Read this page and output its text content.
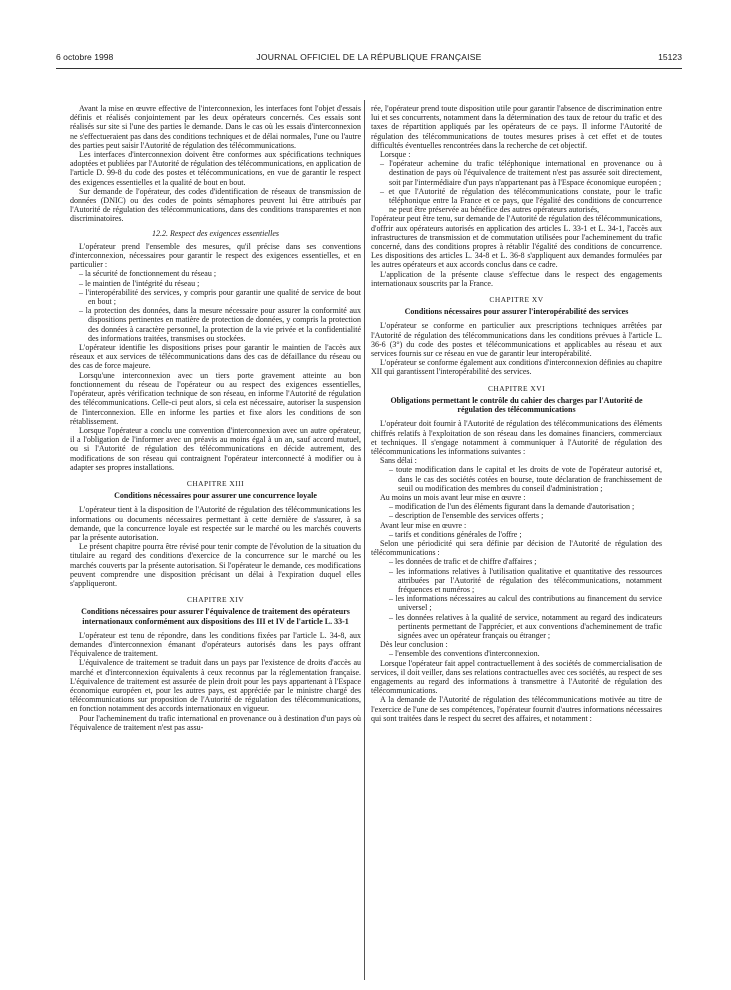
6 octobre 1998	JOURNAL OFFICIEL DE LA RÉPUBLIQUE FRANÇAISE	15123

Avant la mise en œuvre effective de l'interconnexion, les interfaces font l'objet d'essais définis et réalisés conjointement par les deux opérateurs concernés. Ces essais sont réalisés sur site si l'une des parties le demande. Dans le cas où les essais d'interconnexion ne s'effectueraient pas dans des conditions techniques et de délai normales, l'une ou l'autre des parties peut saisir l'Autorité de régulation des télécommunications.

Les interfaces d'interconnexion doivent être conformes aux spécifications techniques adoptées et publiées par l'Autorité de régulation des télécommunications, en application de l'article D. 99-8 du code des postes et télécommunications, en vue de garantir le respect des exigences essentielles et la qualité de bout en bout.

Sur demande de l'opérateur, des codes d'identification de réseaux de transmission de données (DNIC) ou des codes de points sémaphores peuvent lui être attribués par l'Autorité de régulation des télécommunications, dans des conditions transparentes et non discriminatoires.

12.2. Respect des exigences essentielles

L'opérateur prend l'ensemble des mesures, qu'il précise dans ses conventions d'interconnexion, nécessaires pour garantir le respect des exigences essentielles, et en particulier :

– la sécurité de fonctionnement du réseau ;

– le maintien de l'intégrité du réseau ;

– l'interopérabilité des services, y compris pour garantir une qualité de service de bout en bout ;

– la protection des données, dans la mesure nécessaire pour assurer la conformité aux dispositions pertinentes en matière de protection de données, y compris la protection des données à caractère personnel, la protection de la vie privée et la confidentialité des informations traitées, transmises ou stockées.

L'opérateur identifie les dispositions prises pour garantir le maintien de l'accès aux réseaux et aux services de télécommunications dans des cas de défaillance du réseau ou des cas de force majeure.

Lorsqu'une interconnexion avec un tiers porte gravement atteinte au bon fonctionnement du réseau de l'opérateur ou au respect des exigences essentielles, l'opérateur, après vérification technique de son réseau, en informe l'Autorité de régulation des télécommunications. Celle-ci peut alors, si cela est nécessaire, autoriser la suspension de l'interconnexion. Elle en informe les parties et fixe alors les conditions de son rétablissement.

Lorsque l'opérateur a conclu une convention d'interconnexion avec un autre opérateur, il a l'obligation de l'informer avec un préavis au moins égal à un an, sauf accord mutuel, ou si l'Autorité de régulation des télécommunications en décide autrement, des modifications de son réseau qui contraignent l'opérateur interconnecté à modifier ou à adapter ses propres installations.

CHAPITRE XIII

Conditions nécessaires pour assurer une concurrence loyale

L'opérateur tient à la disposition de l'Autorité de régulation des télécommunications les informations ou documents nécessaires permettant à cette dernière de s'assurer, à sa demande, que la concurrence loyale est respectée sur le marché ou les marchés couverts par la présente autorisation.

Le présent chapitre pourra être révisé pour tenir compte de l'évolution de la situation du titulaire au regard des conditions d'exercice de la concurrence sur le marché ou les marchés couverts par la présente autorisation. Si l'opérateur le demande, ces modifications peuvent comprendre une disposition précisant un délai à l'expiration duquel elles s'appliqueront.

CHAPITRE XIV

Conditions nécessaires pour assurer l'équivalence de traitement des opérateurs internationaux conformément aux dispositions des III et IV de l'article L. 33-1

L'opérateur est tenu de répondre, dans les conditions fixées par l'article L. 34-8, aux demandes d'interconnexion émanant d'opérateurs autorisés dans les pays offrant l'équivalence de traitement.

L'équivalence de traitement se traduit dans un pays par l'existence de droits d'accès au marché et d'interconnexion équivalents à ceux reconnus par la réglementation française. L'équivalence de traitement est assurée de plein droit pour les pays appartenant à l'Espace économique européen et, pour les autres pays, est appréciée par le ministre chargé des télécommunications sur proposition de l'Autorité de régulation des télécommunications, en fonction notamment des accords internationaux en vigueur.

Pour l'acheminement du trafic international en provenance ou à destination d'un pays où l'équivalence de traitement n'est pas assu-

rée, l'opérateur prend toute disposition utile pour garantir l'absence de discrimination entre lui et ses concurrents, notamment dans la détermination des taux de retour du trafic et des taxes de répartition appliqués par les opérateurs de ce pays. Il informe l'Autorité de régulation des télécommunications de toutes mesures prises à cet effet et de toutes difficultés éventuelles rencontrées dans la recherche de cet objectif.

Lorsque :

– l'opérateur achemine du trafic téléphonique international en provenance ou à destination de pays où l'équivalence de traitement n'est pas assurée soit directement, soit par l'intermédiaire d'un pays n'appartenant pas à l'Espace économique européen ;

– et que l'Autorité de régulation des télécommunications constate, pour le trafic téléphonique entre la France et ce pays, que l'égalité des conditions de concurrence ne peut être préservée au bénéfice des autres opérateurs autorisés,

l'opérateur peut être tenu, sur demande de l'Autorité de régulation des télécommunications, d'offrir aux opérateurs autorisés en application des articles L. 33-1 et L. 34-1, l'accès aux infrastructures de transmission et de commutation utilisées pour l'acheminement du trafic concerné, dans des conditions propres à rétablir l'égalité des conditions de concurrence. Les dispositions des articles L. 34-8 et L. 36-8 s'appliquent aux demandes formulées par les autres opérateurs et aux accords conclus dans ce cadre.

L'application de la présente clause s'effectue dans le respect des engagements internationaux souscrits par la France.

CHAPITRE XV

Conditions nécessaires pour assurer l'interopérabilité des services

L'opérateur se conforme en particulier aux prescriptions techniques arrêtées par l'Autorité de régulation des télécommunications dans les conditions prévues à l'article L. 36-6 (3°) du code des postes et télécommunications et applicables au réseau et aux services fournis sur ce réseau en vue de garantir leur interopérabilité.

L'opérateur se conforme également aux conditions d'interconnexion définies au chapitre XII qui garantissent l'interopérabilité des services.

CHAPITRE XVI

Obligations permettant le contrôle du cahier des charges par l'Autorité de régulation des télécommunications

L'opérateur doit fournir à l'Autorité de régulation des télécommunications des éléments chiffrés relatifs à l'exploitation de son réseau dans les domaines financiers, commerciaux et techniques. Il s'engage notamment à communiquer à l'Autorité de régulation des télécommunications les informations suivantes :

Sans délai :

– toute modification dans le capital et les droits de vote de l'opérateur autorisé et, dans le cas des sociétés cotées en bourse, toute déclaration de franchissement de seuil ou modification des membres du conseil d'administration ;

Au moins un mois avant leur mise en œuvre :

– modification de l'un des éléments figurant dans la demande d'autorisation ;

– description de l'ensemble des services offerts ;

Avant leur mise en œuvre :

– tarifs et conditions générales de l'offre ;

Selon une périodicité qui sera définie par décision de l'Autorité de régulation des télécommunications :

– les données de trafic et de chiffre d'affaires ;

– les informations relatives à l'utilisation qualitative et quantitative des ressources attribuées par l'Autorité de régulation des télécommunications, notamment fréquences et numéros ;

– les informations nécessaires au calcul des contributions au financement du service universel ;

– les données relatives à la qualité de service, notamment au regard des indicateurs pertinents permettant de l'apprécier, et aux conventions d'acheminement de trafic signées avec un opérateur français ou étranger ;

Dès leur conclusion :

– l'ensemble des conventions d'interconnexion.

Lorsque l'opérateur fait appel contractuellement à des sociétés de commercialisation de services, il doit veiller, dans ses relations contractuelles avec ces sociétés, au respect de ses engagements au regard des informations à transmettre à l'Autorité de régulation des télécommunications.

A la demande de l'Autorité de régulation des télécommunications motivée au titre de l'exercice de l'une de ses compétences, l'opérateur fournit d'autres informations nécessaires qui sont traitées dans le respect du secret des affaires, et notamment :
